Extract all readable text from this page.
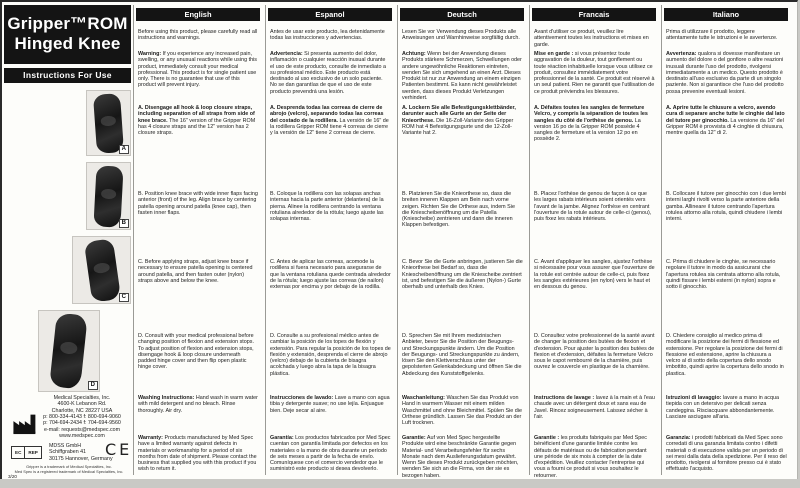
Gripper™ROM
Hinged Knee
Instructions For Use
A
B
C
D
Medical Specialties, Inc.
4600-K Lebanon Rd.
Charlotte, NC 28227 USA
p: 800-334-4143 f: 800-694-9060
p: 704-694-2434 f: 704-694-9560
e-mail: requests@medspec.com
www.medspec.com
EC	REP
MDSS GmbH
Schiffgraben 41
30175 Hannover, Germany
CE
Gripper is a trademark of Medical Specialties, Inc.
Med Spec is a registered trademark of Medical Specialties, Inc.
3/20
English

Before using this product, please carefully read all instructions and warnings.

Warning: If you experience any increased pain, swelling, or any unusual reactions while using this product, immediately consult your medical professional. This product is for single patient use only. There is no guarantee that use of this product will prevent injury.

A. Disengage all hook & loop closure straps, including separation of all straps from side of knee brace. The 16" version of the Gripper ROM has 4 closure straps and the 12" version has 2 closure straps.

B. Position knee brace with wide inner flaps facing anterior (front) of the leg. Align brace by centering patella opening around patella (knee cap), then fasten inner flaps.

C. Before applying straps, adjust knee brace if necessary to ensure patella opening is centered around patella, and then fasten outer (nylon) straps above and below the knee.

D. Consult with your medical professional before changing position of flexion and extension stops. To adjust position of flexion and extension stops, disengage hook & loop closure underneath padded hinge cover and then flip open plastic hinge cover.

Washing Instructions: Hand wash in warm water with mild detergent and no bleach. Rinse thoroughly. Air dry.

Warranty: Products manufactured by Med Spec have a limited warranty against defects in materials or workmanship for a period of six months from date of shipment. Please contact the business that supplied you with this product if you wish to return it.

Espanol

Antes de usar este producto, lea detenidamente todas las instrucciones y advertencias.

Advertencia: Si presenta aumento del dolor, inflamación o cualquier reacción inusual durante el uso de este producto, consulte de inmediato a su profesional médico. Este producto está destinado al uso exclusivo de un solo paciente. No se dan garantías de que el uso de este producto prevendrá una lesión.

A. Desprenda todas las correas de cierre de abrojo (velcro), separando todas las correas del costado de la rodillera. La versión de 16" de la rodillera Gripper ROM tiene 4 correas de cierre y la versión de 12" tiene 2 correas de cierre.

B. Coloque la rodillera con las solapas anchas internas hacia la parte anterior (delantera) de la pierna. Alinee la rodillera centrando la ventana rotuliana alrededor de la rótula; luego ajuste las solapas internas.

C. Antes de aplicar las correas, acomode la rodillera si fuera necesario para asegurarse de que la ventana rotuliana quede centrada alrededor de la rótula; luego ajuste las correas (de nailon) externas por encima y por debajo de la rodilla.

D. Consulte a su profesional médico antes de cambiar la posición de los topes de flexión y extensión. Para regular la posición de los topes de flexión y extensión, desprenda el cierre de abrojo (velcro) debajo de la cubierta de bisagra acolchada y luego abra la tapa de la bisagra plástica.

Instrucciones de lavado: Lave a mano con agua tibia y detergente suave; no use lejía. Enjuague bien. Deje secar al aire.

Garantía: Los productos fabricados por Med Spec cuentan con garantía limitada por defectos en los materiales o la mano de obra durante un período de seis meses a partir de la fecha de envío. Comuníquese con el comercio vendedor que le suministró este producto si desea devolverlo.

Deutsch

Lesen Sie vor Verwendung dieses Produkts alle Anweisungen und Warnhinweise sorgfältig durch.

Achtung: Wenn bei der Anwendung dieses Produkts stärkere Schmerzen, Schwellungen oder andere ungewöhnliche Reaktionen eintreten, wenden Sie sich umgehend an einen Arzt. Dieses Produkt ist nur zur Anwendung an einem einzigen Patienten bestimmt. Es kann nicht gewährleistet werden, dass dieses Produkt Verletzungen verhindert.

A. Lockern Sie alle Befestigungsklettbänder, darunter auch alle Gurte an der Seite der Knieorthese. Die 16-Zoll-Variante des Gripper ROM hat 4 Befestigungsgurte und die 12-Zoll-Variante hat 2.

B. Platzieren Sie die Knieorthese so, dass die breiten inneren Klappen am Bein nach vorne zeigen. Richten Sie die Orthese aus, indem Sie die Kniescheibenöffnung um die Patella (Kniescheibe) zentrieren und dann die inneren Klappen befestigen.

C. Bevor Sie die Gurte anbringen, justieren Sie die Knieorthese bei Bedarf so, dass die Kniescheibenöffnung um die Kniescheibe zentriert ist, und befestigen Sie die äußeren (Nylon-) Gurte oberhalb und unterhalb des Knies.

D. Sprechen Sie mit Ihrem medizinischen Anbieter, bevor Sie die Position der Beugungs- und Streckungspunkte ändern. Um die Position der Beugungs- und Streckungspunkte zu ändern, lösen Sie den Klettverschluss unter der gepolsterten Gelenkabdeckung und öffnen Sie die Abdeckung des Kunststoffgelenks.

Waschanleitung: Waschen Sie das Produkt von Hand in warmem Wasser mit einem milden Waschmittel und ohne Bleichmittel. Spülen Sie die Orthese gründlich. Lassen Sie das Produkt an der Luft trocknen.

Garantie: Auf von Med Spec hergestellte Produkte wird eine beschränkte Garantie gegen Material- und Verarbeitungsfehler für sechs Monate nach dem Auslieferungsdatum gewährt. Wenn Sie dieses Produkt zurückgeben möchten, wenden Sie sich an die Firma, von der sie es bezogen haben.

Francais

Avant d'utiliser ce produit, veuillez lire attentivement toutes les instructions et mises en garde.

Mise en garde : si vous présentez toute aggravation de la douleur, tout gonflement ou toute réaction inhabituelle lorsque vous utilisez ce produit, consultez immédiatement votre professionnel de la santé. Ce produit est réservé à un seul patient. Rien ne garantit que l'utilisation de ce produit préviendra les blessures.

A. Défaites toutes les sangles de fermeture Velcro, y compris la séparation de toutes les sangles du côté de l'orthèse de genou. La version 16 po de la Gripper ROM possède 4 sangles de fermeture et la version 12 po en possède 2.

B. Placez l'orthèse de genou de façon à ce que les larges rabats intérieurs soient orientés vers l'avant de la jambe. Alignez l'orthèse en centrant l'ouverture de la rotule autour de celle-ci (genou), puis fixez les rabats intérieurs.

C. Avant d'appliquer les sangles, ajustez l'orthèse si nécessaire pour vous assurer que l'ouverture de la rotule est centrée autour de celle-ci, puis fixez les sangles extérieures (en nylon) vers le haut et en dessous du genou.

D. Consultez votre professionnel de la santé avant de changer la position des butées de flexion et d'extension. Pour ajuster la position des butées de flexion et d'extension, défaites la fermeture Velcro sous le capot rembourré de la charnière, puis ouvrez le couvercle en plastique de la charnière.

Instructions de lavage : lavez à la main et à l'eau chaude avec un détergent doux et sans eau de Javel. Rincez soigneusement. Laissez sécher à l'air.

Garantie : les produits fabriqués par Med Spec bénéficient d'une garantie limitée contre les défauts de matériaux ou de fabrication pendant une période de six mois à compter de la date d'expédition. Veuillez contacter l'entreprise qui vous a fourni ce produit si vous souhaitez le retourner.

Italiano

Prima di utilizzare il prodotto, leggere attentamente tutte le istruzioni e le avvertenze.

Avvertenza: qualora si dovesse manifestare un aumento del dolore o del gonfiore o altre reazioni inusuali durante l'uso del prodotto, rivolgersi immediatamente a un medico. Questo prodotto è destinato all'uso esclusivo da parte di un singolo paziente. Non si garantisce che l'uso del prodotto possa prevenire eventuali lesioni.

A. Aprire tutte le chiusure a velcro, avendo cura di separare anche tutte le cinghie dal lato del tutore per ginocchio. La versione da 16" del Gripper ROM è provvista di 4 cinghie di chiusura, mentre quella da 12" di 2.

B. Collocare il tutore per ginocchio con i due lembi interni larghi rivolti verso la parte anteriore della gamba. Allineare il tutore centrando l'apertura rotulea attorno alla rotula, quindi chiudere i lembi interni.

C. Prima di chiudere le cinghie, se necessario regolare il tutore in modo da assicurarsi che l'apertura rotulea sia centrata attorno alla rotula, quindi fissare i lembi esterni (in nylon) sopra e sotto il ginocchio.

D. Chiedere consiglio al medico prima di modificare la posizione dei fermi di flessione ed estensione. Per regolare la posizione dei fermi di flessione ed estensione, aprire la chiusura a velcro al di sotto della copertura dello snodo imbottito, quindi aprire la copertura dello snodo in plastica.

Istruzioni di lavaggio: lavare a mano in acqua tiepida con un detersivo per delicati senza candeggina. Risciacquare abbondantemente. Lasciare asciugare all'aria.

Garanzia: i prodotti fabbricati da Med Spec sono corredati di una garanzia limitata contro i difetti materiali o di esecuzione valida per un periodo di sei mesi dalla data della spedizione. Per il reso del prodotto, rivolgersi al fornitore presso cui è stato effettuato l'acquisto.
